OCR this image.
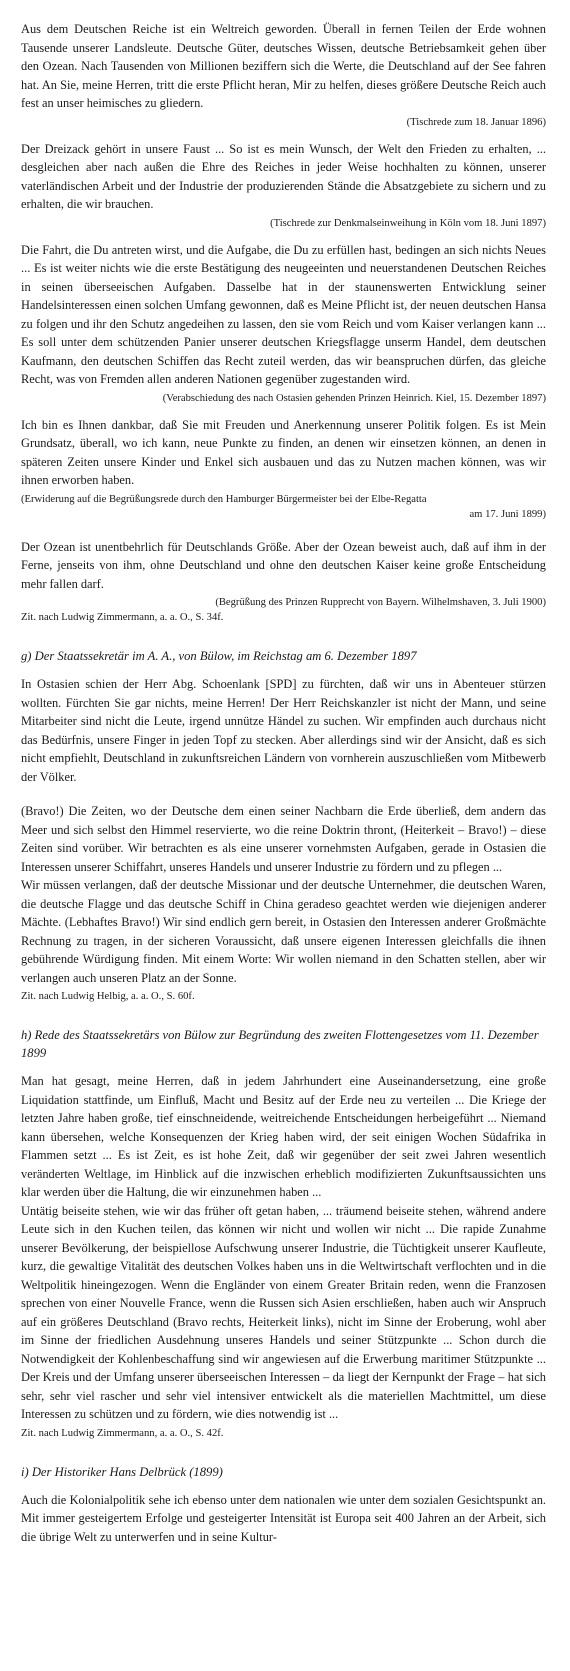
Aus dem Deutschen Reiche ist ein Weltreich geworden. Überall in fernen Teilen der Erde wohnen Tausende unserer Landsleute. Deutsche Güter, deutsches Wissen, deutsche Betriebsamkeit gehen über den Ozean. Nach Tausenden von Millionen beziffern sich die Werte, die Deutschland auf der See fahren hat. An Sie, meine Herren, tritt die erste Pflicht heran, Mir zu helfen, dieses größere Deutsche Reich auch fest an unser heimisches zu gliedern.

(Tischrede zum 18. Januar 1896)

Der Dreizack gehört in unsere Faust ... So ist es mein Wunsch, der Welt den Frieden zu erhalten, ... desgleichen aber nach außen die Ehre des Reiches in jeder Weise hochhalten zu können, unserer vaterländischen Arbeit und der Industrie der produzierenden Stände die Absatzgebiete zu sichern und zu erhalten, die wir brauchen.

(Tischrede zur Denkmalseinweihung in Köln vom 18. Juni 1897)

Die Fahrt, die Du antreten wirst, und die Aufgabe, die Du zu erfüllen hast, bedingen an sich nichts Neues ... Es ist weiter nichts wie die erste Bestätigung des neugeeinten und neuerstandenen Deutschen Reiches in seinen überseeischen Aufgaben. Dasselbe hat in der staunenswerten Entwicklung seiner Handelsinteressen einen solchen Umfang gewonnen, daß es Meine Pflicht ist, der neuen deutschen Hansa zu folgen und ihr den Schutz angedeihen zu lassen, den sie vom Reich und vom Kaiser verlangen kann ... Es soll unter dem schützenden Panier unserer deutschen Kriegsflagge unserm Handel, dem deutschen Kaufmann, den deutschen Schiffen das Recht zuteil werden, das wir beanspruchen dürfen, das gleiche Recht, was von Fremden allen anderen Nationen gegenüber zugestanden wird.

(Verabschiedung des nach Ostasien gehenden Prinzen Heinrich. Kiel, 15. Dezember 1897)

Ich bin es Ihnen dankbar, daß Sie mit Freuden und Anerkennung unserer Politik folgen. Es ist Mein Grundsatz, überall, wo ich kann, neue Punkte zu finden, an denen wir einsetzen können, an denen in späteren Zeiten unsere Kinder und Enkel sich ausbauen und das zu Nutzen machen können, was wir ihnen erworben haben.

(Erwiderung auf die Begrüßungsrede durch den Hamburger Bürgermeister bei der Elbe-Regatta

am 17. Juni 1899)

Der Ozean ist unentbehrlich für Deutschlands Größe. Aber der Ozean beweist auch, daß auf ihm in der Ferne, jenseits von ihm, ohne Deutschland und ohne den deutschen Kaiser keine große Entscheidung mehr fallen darf.

(Begrüßung des Prinzen Rupprecht von Bayern. Wilhelmshaven, 3. Juli 1900)

Zit. nach Ludwig Zimmermann, a. a. O., S. 34f.

g) Der Staatssekretär im A. A., von Bülow, im Reichstag am 6. Dezember 1897

In Ostasien schien der Herr Abg. Schoenlank [SPD] zu fürchten, daß wir uns in Abenteuer stürzen wollten. Fürchten Sie gar nichts, meine Herren! Der Herr Reichskanzler ist nicht der Mann, und seine Mitarbeiter sind nicht die Leute, irgend unnütze Händel zu suchen. Wir empfinden auch durchaus nicht das Bedürfnis, unsere Finger in jeden Topf zu stecken. Aber allerdings sind wir der Ansicht, daß es sich nicht empfiehlt, Deutschland in zukunftsreichen Ländern von vornherein auszuschließen vom Mitbewerb der Völker.

(Bravo!) Die Zeiten, wo der Deutsche dem einen seiner Nachbarn die Erde überließ, dem andern das Meer und sich selbst den Himmel reservierte, wo die reine Doktrin thront, (Heiterkeit – Bravo!) – diese Zeiten sind vorüber. Wir betrachten es als eine unserer vornehmsten Aufgaben, gerade in Ostasien die Interessen unserer Schiffahrt, unseres Handels und unserer Industrie zu fördern und zu pflegen ...

Wir müssen verlangen, daß der deutsche Missionar und der deutsche Unternehmer, die deutschen Waren, die deutsche Flagge und das deutsche Schiff in China geradeso geachtet werden wie diejenigen anderer Mächte. (Lebhaftes Bravo!) Wir sind endlich gern bereit, in Ostasien den Interessen anderer Großmächte Rechnung zu tragen, in der sicheren Voraussicht, daß unsere eigenen Interessen gleichfalls die ihnen gebührende Würdigung finden. Mit einem Worte: Wir wollen niemand in den Schatten stellen, aber wir verlangen auch unseren Platz an der Sonne.

Zit. nach Ludwig Helbig, a. a. O., S. 60f.

h) Rede des Staatssekretärs von Bülow zur Begründung des zweiten Flottengesetzes vom 11. Dezember 1899

Man hat gesagt, meine Herren, daß in jedem Jahrhundert eine Auseinandersetzung, eine große Liquidation stattfinde, um Einfluß, Macht und Besitz auf der Erde neu zu verteilen ... Die Kriege der letzten Jahre haben große, tief einschneidende, weitreichende Entscheidungen herbeigeführt ... Niemand kann übersehen, welche Konsequenzen der Krieg haben wird, der seit einigen Wochen Südafrika in Flammen setzt ... Es ist Zeit, es ist hohe Zeit, daß wir gegenüber der seit zwei Jahren wesentlich veränderten Weltlage, im Hinblick auf die inzwischen erheblich modifizierten Zukunftsaussichten uns klar werden über die Haltung, die wir einzunehmen haben ...

Untätig beiseite stehen, wie wir das früher oft getan haben, ... träumend beiseite stehen, während andere Leute sich in den Kuchen teilen, das können wir nicht und wollen wir nicht ... Die rapide Zunahme unserer Bevölkerung, der beispiellose Aufschwung unserer Industrie, die Tüchtigkeit unserer Kaufleute, kurz, die gewaltige Vitalität des deutschen Volkes haben uns in die Weltwirtschaft verflochten und in die Weltpolitik hineingezogen. Wenn die Engländer von einem Greater Britain reden, wenn die Franzosen sprechen von einer Nouvelle France, wenn die Russen sich Asien erschließen, haben auch wir Anspruch auf ein größeres Deutschland (Bravo rechts, Heiterkeit links), nicht im Sinne der Eroberung, wohl aber im Sinne der friedlichen Ausdehnung unseres Handels und seiner Stützpunkte ... Schon durch die Notwendigkeit der Kohlenbeschaffung sind wir angewiesen auf die Erwerbung maritimer Stützpunkte ... Der Kreis und der Umfang unserer überseeischen Interessen – da liegt der Kernpunkt der Frage – hat sich sehr, sehr viel rascher und sehr viel intensiver entwickelt als die materiellen Machtmittel, um diese Interessen zu schützen und zu fördern, wie dies notwendig ist ...

Zit. nach Ludwig Zimmermann, a. a. O., S. 42f.

i) Der Historiker Hans Delbrück (1899)

Auch die Kolonialpolitik sehe ich ebenso unter dem nationalen wie unter dem sozialen Gesichtspunkt an. Mit immer gesteigertem Erfolge und gesteigerter Intensität ist Europa seit 400 Jahren an der Arbeit, sich die übrige Welt zu unterwerfen und in seine Kultur-
